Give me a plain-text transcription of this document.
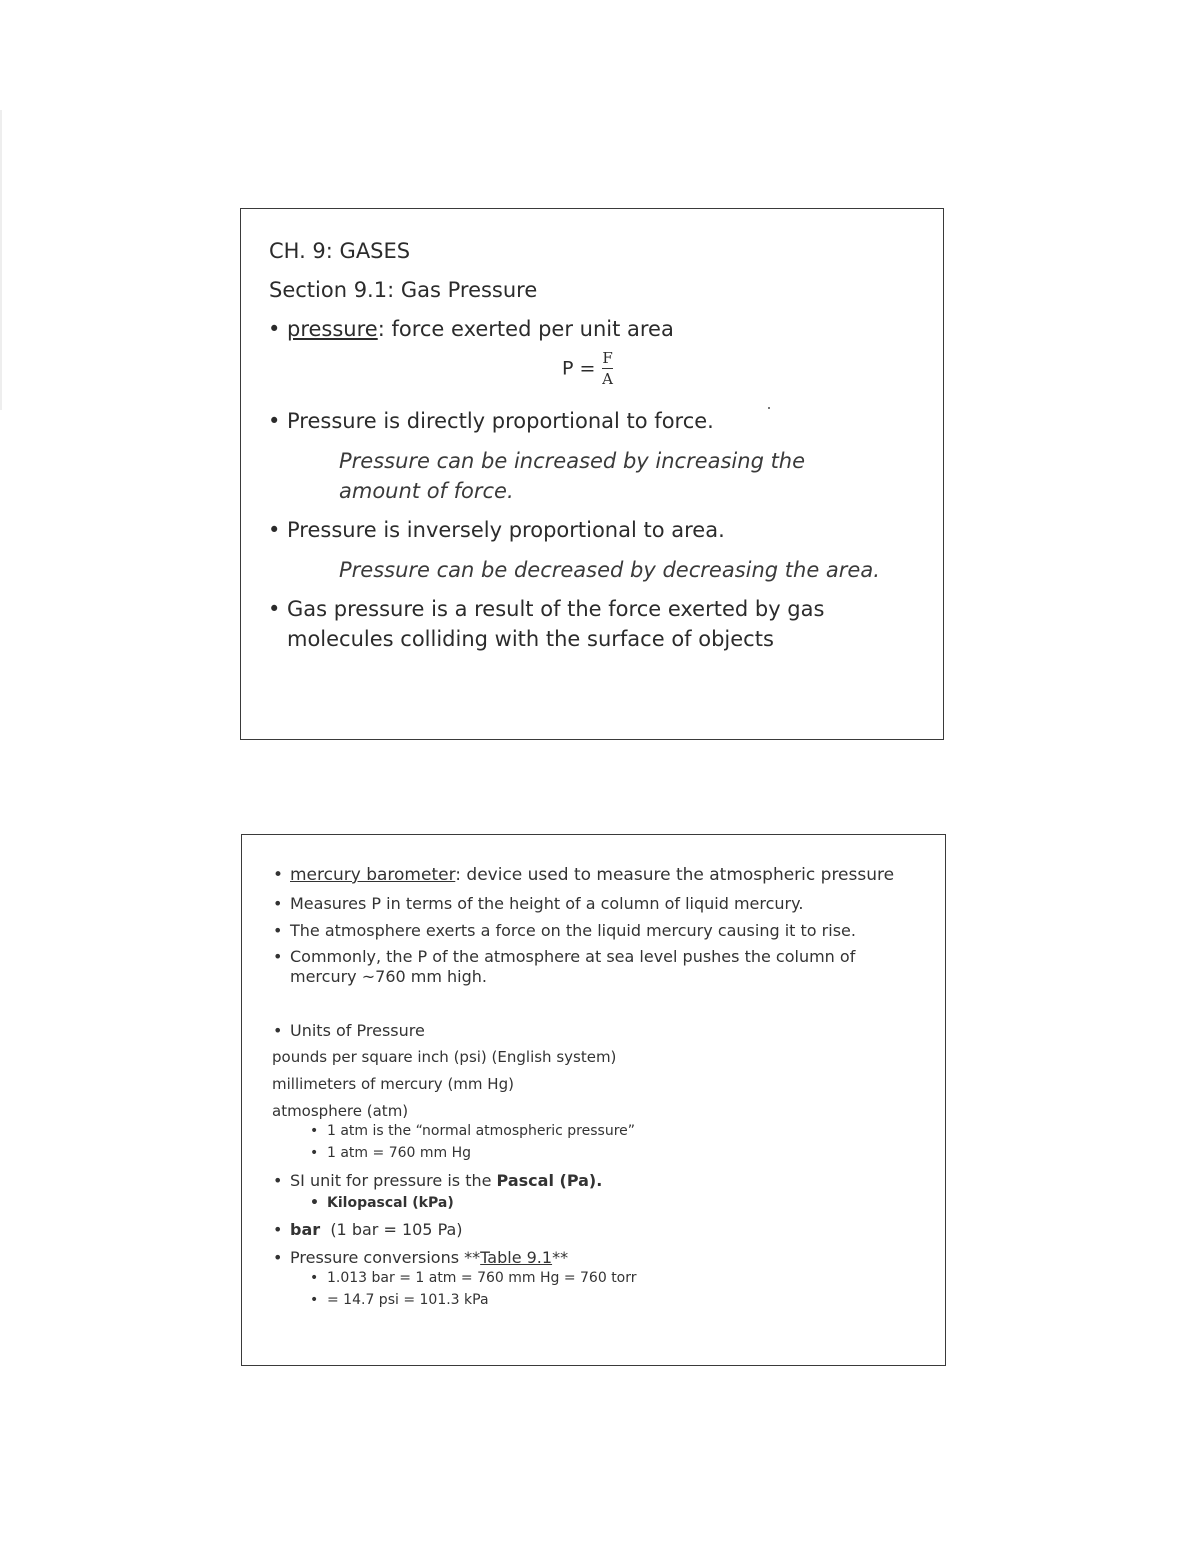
CH. 9: GASES

Section 9.1: Gas Pressure

• pressure: force exerted per unit area

$P = \frac{F}{A}$

• Pressure is directly proportional to force.

Pressure can be increased by increasing the

amount of force.

• Pressure is inversely proportional to area.

Pressure can be decreased by decreasing the area.

• Gas pressure is a result of the force exerted by gas

molecules colliding with the surface of objects

• mercury barometer: device used to measure the atmospheric pressure

• Measures P in terms of the height of a column of liquid mercury.

• The atmosphere exerts a force on the liquid mercury causing it to rise.

• Commonly, the P of the atmosphere at sea level pushes the column of

mercury ~760 mm high.

• Units of Pressure

pounds per square inch (psi) (English system)

millimeters of mercury (mm Hg)

atmosphere (atm)

• 1 atm is the “normal atmospheric pressure”

• 1 atm = 760 mm Hg

• SI unit for pressure is the Pascal (Pa).

• Kilopascal (kPa)

• bar  (1 bar = 105 Pa)

• Pressure conversions **Table 9.1**

• 1.013 bar = 1 atm = 760 mm Hg = 760 torr

• = 14.7 psi = 101.3 kPa
